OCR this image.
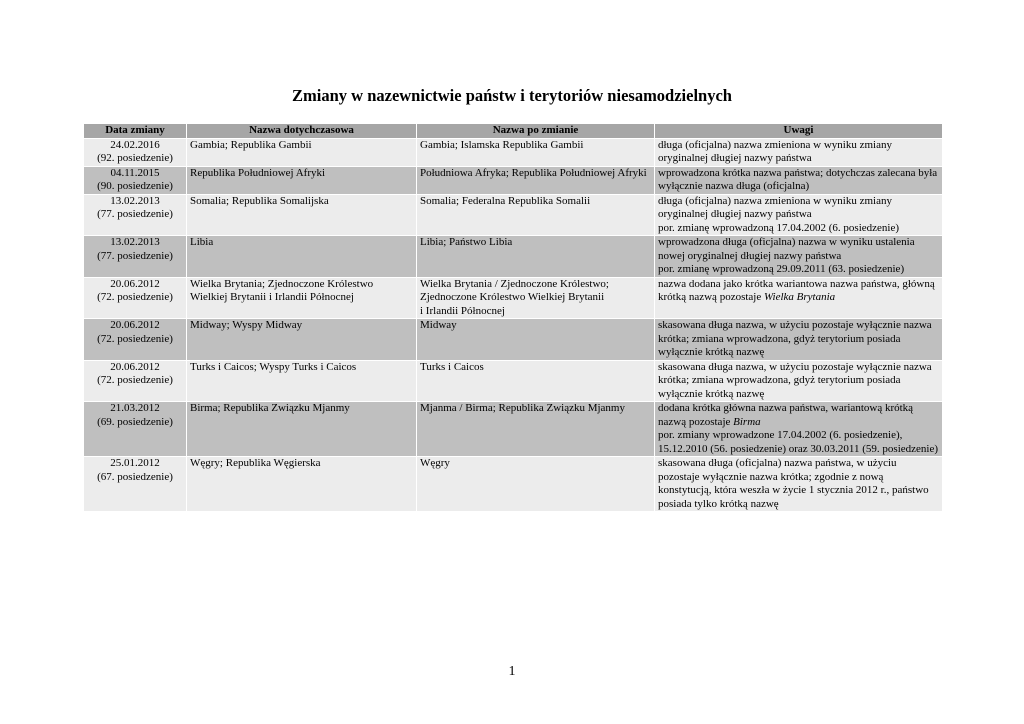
Zmiany w nazewnictwie państw i terytoriów niesamodzielnych
Data zmiany	Nazwa dotychczasowa	Nazwa po zmianie	Uwagi

24.02.2016
(92. posiedzenie)	Gambia; Republika Gambii	Gambia; Islamska Republika Gambii	długa (oficjalna) nazwa zmieniona w wyniku zmiany oryginalnej długiej nazwy państwa

04.11.2015
(90. posiedzenie)	Republika Południowej Afryki	Południowa Afryka; Republika Południowej Afryki	wprowadzona krótka nazwa państwa; dotychczas zalecana była wyłącznie nazwa długa (oficjalna)

13.02.2013
(77. posiedzenie)	Somalia; Republika Somalijska	Somalia; Federalna Republika Somalii	długa (oficjalna) nazwa zmieniona w wyniku zmiany oryginalnej długiej nazwy państwa
por. zmianę wprowadzoną 17.04.2002 (6. posiedzenie)

13.02.2013
(77. posiedzenie)	Libia	Libia; Państwo Libia	wprowadzona długa (oficjalna) nazwa w wyniku ustalenia nowej oryginalnej długiej nazwy państwa
por. zmianę wprowadzoną 29.09.2011 (63. posiedzenie)

20.06.2012
(72. posiedzenie)	Wielka Brytania; Zjednoczone Królestwo Wielkiej Brytanii i Irlandii Północnej	Wielka Brytania / Zjednoczone Królestwo;
Zjednoczone Królestwo Wielkiej Brytanii
i Irlandii Północnej	nazwa dodana jako krótka wariantowa nazwa państwa, główną krótką nazwą pozostaje Wielka Brytania

20.06.2012
(72. posiedzenie)	Midway; Wyspy Midway	Midway	skasowana długa nazwa, w użyciu pozostaje wyłącznie nazwa krótka; zmiana wprowadzona, gdyż terytorium posiada wyłącznie krótką nazwę

20.06.2012
(72. posiedzenie)	Turks i Caicos; Wyspy Turks i Caicos	Turks i Caicos	skasowana długa nazwa, w użyciu pozostaje wyłącznie nazwa krótka; zmiana wprowadzona, gdyż terytorium posiada wyłącznie krótką nazwę

21.03.2012
(69. posiedzenie)	Birma; Republika Związku Mjanmy	Mjanma / Birma; Republika Związku Mjanmy	dodana krótka główna nazwa państwa, wariantową krótką nazwą pozostaje Birma
por. zmiany wprowadzone 17.04.2002 (6. posiedzenie), 15.12.2010 (56. posiedzenie) oraz 30.03.2011 (59. posiedzenie)

25.01.2012
(67. posiedzenie)	Węgry; Republika Węgierska	Węgry	skasowana długa (oficjalna) nazwa państwa, w użyciu pozostaje wyłącznie nazwa krótka; zgodnie z nową konstytucją, która weszła w życie 1 stycznia 2012 r., państwo posiada tylko krótką nazwę
1
